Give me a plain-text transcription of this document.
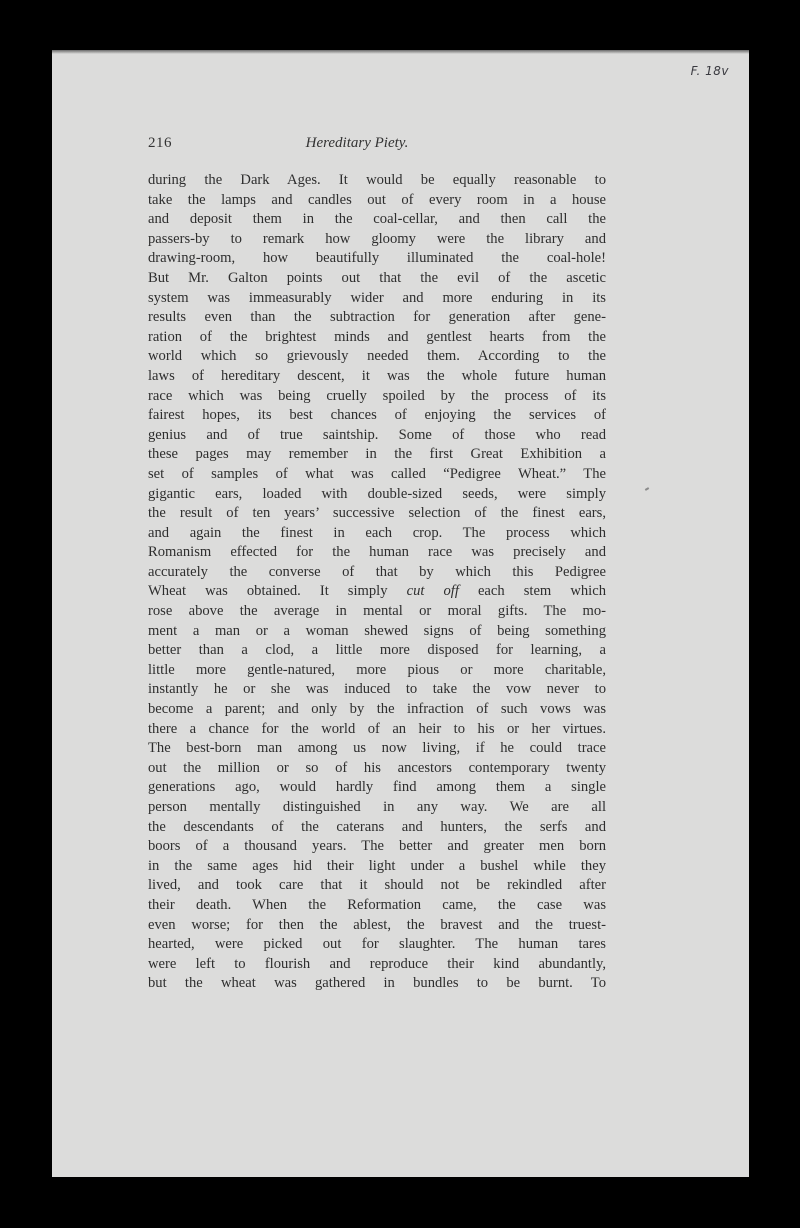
F. 18v
216	Hereditary Piety.
during the Dark Ages. It would be equally reasonable to
take the lamps and candles out of every room in a house
and deposit them in the coal-cellar, and then call the
passers-by to remark how gloomy were the library and
drawing-room, how beautifully illuminated the coal-hole!
But Mr. Galton points out that the evil of the ascetic
system was immeasurably wider and more enduring in its
results even than the subtraction for generation after gene-
ration of the brightest minds and gentlest hearts from the
world which so grievously needed them. According to the
laws of hereditary descent, it was the whole future human
race which was being cruelly spoiled by the process of its
fairest hopes, its best chances of enjoying the services of
genius and of true saintship. Some of those who read
these pages may remember in the first Great Exhibition a
set of samples of what was called “Pedigree Wheat.” The
gigantic ears, loaded with double-sized seeds, were simply
the result of ten years’ successive selection of the finest ears,
and again the finest in each crop. The process which
Romanism effected for the human race was precisely and
accurately the converse of that by which this Pedigree
Wheat was obtained. It simply cut off each stem which
rose above the average in mental or moral gifts. The mo-
ment a man or a woman shewed signs of being something
better than a clod, a little more disposed for learning, a
little more gentle-natured, more pious or more charitable,
instantly he or she was induced to take the vow never to
become a parent; and only by the infraction of such vows was
there a chance for the world of an heir to his or her virtues.
The best-born man among us now living, if he could trace
out the million or so of his ancestors contemporary twenty
generations ago, would hardly find among them a single
person mentally distinguished in any way. We are all
the descendants of the caterans and hunters, the serfs and
boors of a thousand years. The better and greater men born
in the same ages hid their light under a bushel while they
lived, and took care that it should not be rekindled after
their death. When the Reformation came, the case was
even worse; for then the ablest, the bravest and the truest-
hearted, were picked out for slaughter. The human tares
were left to flourish and reproduce their kind abundantly,
but the wheat was gathered in bundles to be burnt. To
